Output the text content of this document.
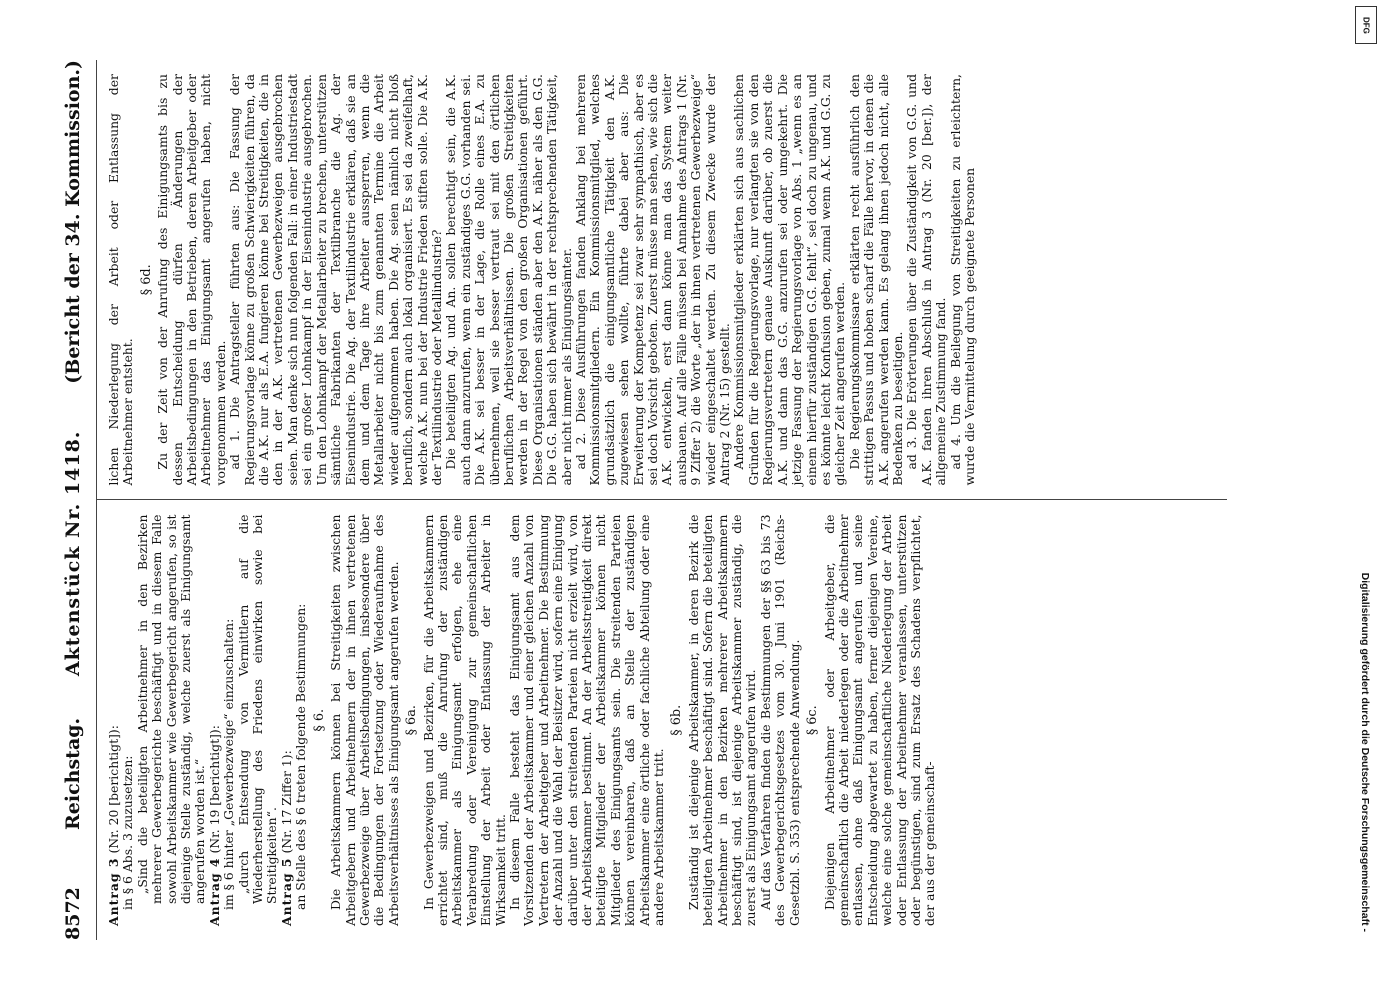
8572
Reichstag.
Aktenstück Nr. 1418.
(Bericht der 34. Kommission.)

Antrag 3 (Nr. 20 [berichtigt]): in § 6 Abs. 3 zuzusetzen: „Sind die beteiligten Arbeitnehmer in den Bezirken mehrerer Gewerbegerichte beschäftigt und in diesem Falle sowohl Arbeitskammer wie Gewerbegericht angerufen, so ist diejenige Stelle zuständig, welche zuerst als Einigungsamt angerufen worden ist.“ Antrag 4 (Nr. 19 [berichtigt]): im § 6 hinter „Gewerbezweige“ einzuschalten: „durch Entsendung von Vermittlern auf die Wiederherstellung des Friedens einwirken sowie bei Streitigkeiten“. Antrag 5 (Nr. 17 Ziffer 1): an Stelle des § 6 treten folgende Bestimmungen: § 6. Die Arbeitskammern können bei Streitigkeiten zwischen Arbeitgebern und Arbeitnehmern der in ihnen vertretenen Gewerbezweige über Arbeitsbedingungen, insbesondere über die Bedingungen der Fortsetzung oder Wiederaufnahme des Arbeitsverhältnisses als Einigungsamt angerufen werden. § 6a. In Gewerbezweigen und Bezirken, für die Arbeitskammern errichtet sind, muß die Anrufung der zuständigen Arbeitskammer als Einigungsamt erfolgen, ehe eine Verabredung oder Vereinigung zur gemeinschaftlichen Einstellung der Arbeit oder Entlassung der Arbeiter in Wirksamkeit tritt. In diesem Falle besteht das Einigungsamt aus dem Vorsitzenden der Arbeitskammer und einer gleichen Anzahl von Vertretern der Arbeitgeber und Arbeitnehmer. Die Bestimmung der Anzahl und die Wahl der Beisitzer wird, sofern eine Einigung darüber unter den streitenden Parteien nicht erzielt wird, von der Arbeitskammer bestimmt. An der Arbeitsstreitigkeit direkt beteiligte Mitglieder der Arbeitskammer können nicht Mitglieder des Einigungsamts sein. Die streitenden Parteien können vereinbaren, daß an Stelle der zuständigen Arbeitskammer eine örtliche oder fachliche Abteilung oder eine andere Arbeitskammer tritt.

§ 6b. Zuständig ist diejenige Arbeitskammer, in deren Bezirk die beteiligten Arbeitnehmer beschäftigt sind. Sofern die beteiligten Arbeitnehmer in den Bezirken mehrerer Arbeitskammern beschäftigt sind, ist diejenige Arbeitskammer zuständig, die zuerst als Einigungsamt angerufen wird. Auf das Verfahren finden die Bestimmungen der §§ 63 bis 73 des Gewerbegerichtsgesetzes vom 30. Juni 1901 (Reichs-Gesetzbl. S. 353) entsprechende Anwendung. § 6c. Diejenigen Arbeitnehmer oder Arbeitgeber, die gemeinschaftlich die Arbeit niederlegen oder die Arbeitnehmer entlassen, ohne daß Einigungsamt angerufen und seine Entscheidung abgewartet zu haben, ferner diejenigen Vereine, welche eine solche gemeinschaftliche Niederlegung der Arbeit oder Entlassung der Arbeitnehmer veranlassen, unterstützen oder begünstigen, sind zum Ersatz des Schadens verpflichtet, der aus der gemeinschaft-

lichen Niederlegung der Arbeit oder Entlassung der Arbeitnehmer entsteht.

§ 6d. Zu der Zeit von der Anrufung des Einigungsamts bis zu dessen Entscheidung dürfen Änderungen der Arbeitsbedingungen in den Betrieben, deren Arbeitgeber oder Arbeitnehmer das Einigungsamt angerufen haben, nicht vorgenommen werden. ad 1. Die Antragsteller führten aus: Die Fassung der Regierungsvorlage könne zu großen Schwierigkeiten führen, da die A.K. nur als E.A. fungieren könne bei Streitigkeiten, die in den in der A.K. vertretenen Gewerbezweigen ausgebrochen seien. Man denke sich nun folgenden Fall: in einer Industriestadt sei ein großer Lohnkampf in der Eisenindustrie ausgebrochen. Um den Lohnkampf der Metallarbeiter zu brechen, unterstützen sämtliche Fabrikanten der Textilbranche die Ag. der Eisenindustrie. Die Ag. der Textilindustrie erklären, daß sie an dem und dem Tage ihre Arbeiter aussperren, wenn die Metallarbeiter nicht bis zum genannten Termine die Arbeit wieder aufgenommen haben. Die Ag. seien nämlich nicht bloß beruflich, sondern auch lokal organisiert. Es sei da zweifelhaft, welche A.K. nun bei der Industrie Frieden stiften solle. Die A.K. der Textilindustrie oder Metallindustrie? Die beteiligten Ag. und An. sollen berechtigt sein, die A.K. auch dann anzurufen, wenn ein zuständiges G.G. vorhanden sei. Die A.K. sei besser in der Lage, die Rolle eines E.A. zu übernehmen, weil sie besser vertraut sei mit den örtlichen beruflichen Arbeitsverhältnissen. Die großen Streitigkeiten werden in der Regel von den großen Organisationen geführt. Diese Organisationen ständen aber den A.K. näher als den G.G. Die G.G. haben sich bewährt in der rechtsprechenden Tätigkeit, aber nicht immer als Einigungsämter. ad 2. Diese Ausführungen fanden Anklang bei mehreren Kommissionsmitgliedern. Ein Kommissionsmitglied, welches grundsätzlich die einigungsamtliche Tätigkeit den A.K. zugewiesen sehen wollte, führte dabei aber aus: Die Erweiterung der Kompetenz sei zwar sehr sympathisch, aber es sei doch Vorsicht geboten. Zuerst müsse man sehen, wie sich die A.K. entwickeln, erst dann könne man das System weiter ausbauen. Auf alle Fälle müssen bei Annahme des Antrags 1 (Nr. 9 Ziffer 2) die Worte „der in ihnen vertretenen Gewerbezweige“ wieder eingeschaltet werden. Zu diesem Zwecke wurde der Antrag 2 (Nr. 15) gestellt. Andere Kommissionsmitglieder erklärten sich aus sachlichen Gründen für die Regierungsvorlage, nur verlangten sie von den Regierungsvertretern genaue Auskunft darüber, ob zuerst die A.K. und dann das G.G. anzurufen sei oder umgekehrt. Die jetzige Fassung der Regierungsvorlage von Abs. 1 „wenn es an einem hierfür zuständigen G.G. fehlt“, sei doch zu ungenau, und es könnte leicht Konfusion geben, zumal wenn A.K. und G.G. zu gleicher Zeit angerufen werden. Die Regierungskommissare erklärten recht ausführlich den strittigen Passus und hoben scharf die Fälle hervor, in denen die A.K. angerufen werden kann. Es gelang ihnen jedoch nicht, alle Bedenken zu beseitigen. ad 3. Die Erörterungen über die Zuständigkeit von G.G. und A.K. fanden ihren Abschluß in Antrag 3 (Nr. 20 [ber.]), der allgemeine Zustimmung fand. ad 4. Um die Beilegung von Streitigkeiten zu erleichtern, wurde die Vermittelung durch geeignete Personen

DFG
Digitalisierung gefördert durch die Deutsche Forschungsgemeinschaft -
